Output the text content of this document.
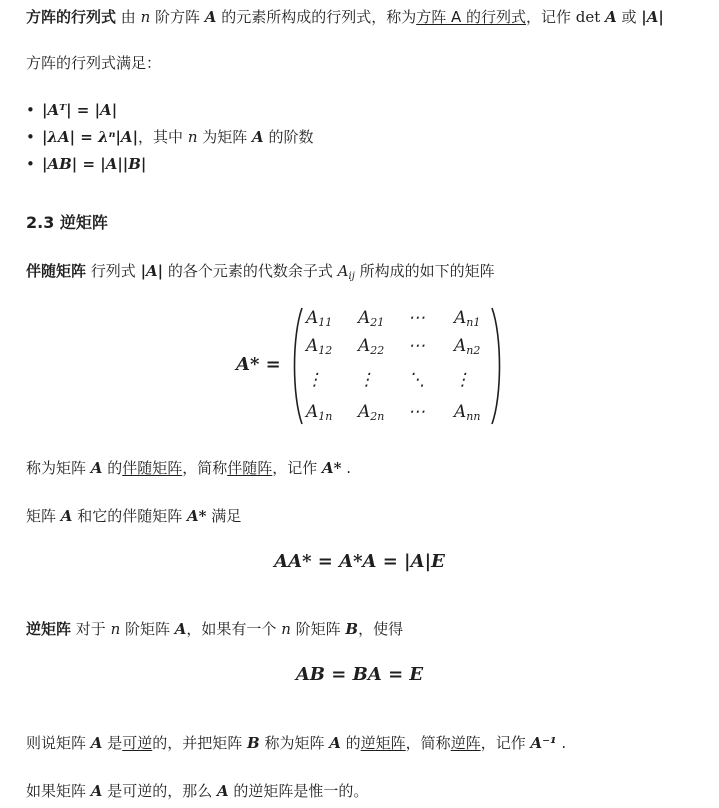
方阵的行列式 由 n 阶方阵 A 的元素所构成的行列式，称为方阵 A 的行列式，记作 det A 或 |A|
方阵的行列式满足：
• |Aᵀ| = |A|
• |λA| = λⁿ|A|，其中 n 为矩阵 A 的阶数
• |AB| = |A||B|
2.3 逆矩阵
伴随矩阵 行列式 |A| 的各个元素的代数余子式 $A_{ij}$ 所构成的如下的矩阵
A* =
$A_{11}$ $A_{21}$ ⋯ $A_{n1}$
$A_{12}$ $A_{22}$ ⋯ $A_{n2}$
⋮ ⋮ ⋱ ⋮
$A_{1n}$ $A_{2n}$ ⋯ $A_{nn}$
称为矩阵 A 的伴随矩阵，简称伴随阵，记作 A* .
矩阵 A 和它的伴随矩阵 A* 满足
AA* = A*A = |A|E
逆矩阵 对于 n 阶矩阵 A，如果有一个 n 阶矩阵 B，使得
AB = BA = E
则说矩阵 A 是可逆的，并把矩阵 B 称为矩阵 A 的逆矩阵，简称逆阵，记作 A⁻¹ .
如果矩阵 A 是可逆的，那么 A 的逆矩阵是惟一的。
